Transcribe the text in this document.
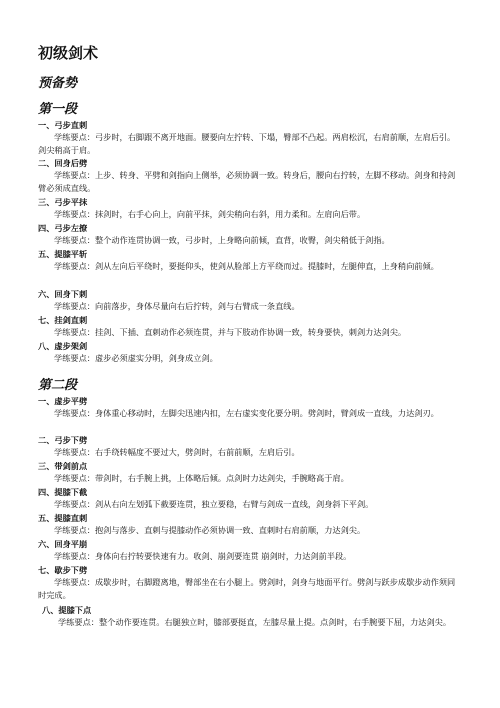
初级剑术
预备势
第一段
一、弓步直刺

学练要点：弓步时，右脚跟不离开地面。腰要向左拧转、下塌，臀部不凸起。两肩松沉，右肩前顺，左肩后引。剑尖稍高于肩。

二、回身后劈

学练要点：上步、转身、平劈和剑指向上侧举，必须协调一致。转身后，腰向右拧转，左脚不移动。剑身和持剑臂必须成直线。

三、弓步平抹

学练要点：抹剑时，右手心向上，向前平抹，剑尖稍向右斜，用力柔和。左肩向后带。

四、弓步左撩

学练要点：整个动作连贯协调一致，弓步时，上身略向前倾，直背，收臀，剑尖稍低于剑指。

五、提膝平斩

学练要点：剑从左向后平绕时，要挺仰头，使剑从脸部上方平绕而过。提膝时，左腿伸直，上身稍向前倾。

六、回身下刺

学练要点：向前落步，身体尽量向右后拧转，剑与右臂成一条直线。

七、挂剑直刺

学练要点：挂剑、下插、直刺动作必须连贯，并与下肢动作协调一致，转身要快，刺剑力达剑尖。

八、虚步架剑

学练要点：虚步必须虚实分明，剑身成立剑。

第二段
一、虚步平劈

学练要点：身体重心移动时，左脚尖迅速内扣，左右虚实变化要分明。劈剑时，臂剑成一直线，力达剑刃。

二、弓步下劈

学练要点：右手绕转幅度不要过大，劈剑时，右前前顺，左肩后引。

三、带剑前点

学练要点：带剑时，右手腕上挑，上体略后倾。点剑时力达剑尖，手腕略高于肩。

四、提膝下截

学练要点：剑从右向左划弧下截要连贯，独立要稳，右臂与剑成一直线，剑身斜下平剑。

五、提膝直刺

学练要点：抱剑与落步、直刺与提膝动作必须协调一致、直刺时右肩前顺，力达剑尖。

六、回身平崩

学练要点：身体向右拧转要快速有力。收剑、崩剑要连贯 崩剑时，力达剑前半段。

七、歇步下劈

学练要点：成歇步时，右脚蹬离地，臀部坐在右小腿上。劈剑时，剑身与地面平行。劈剑与跃步成歇步动作须同时完成。

八、提膝下点

学练要点：整个动作要连贯。右腿独立时，膝部要挺直，左膝尽量上提。点剑时，右手腕要下屈，力达剑尖。
